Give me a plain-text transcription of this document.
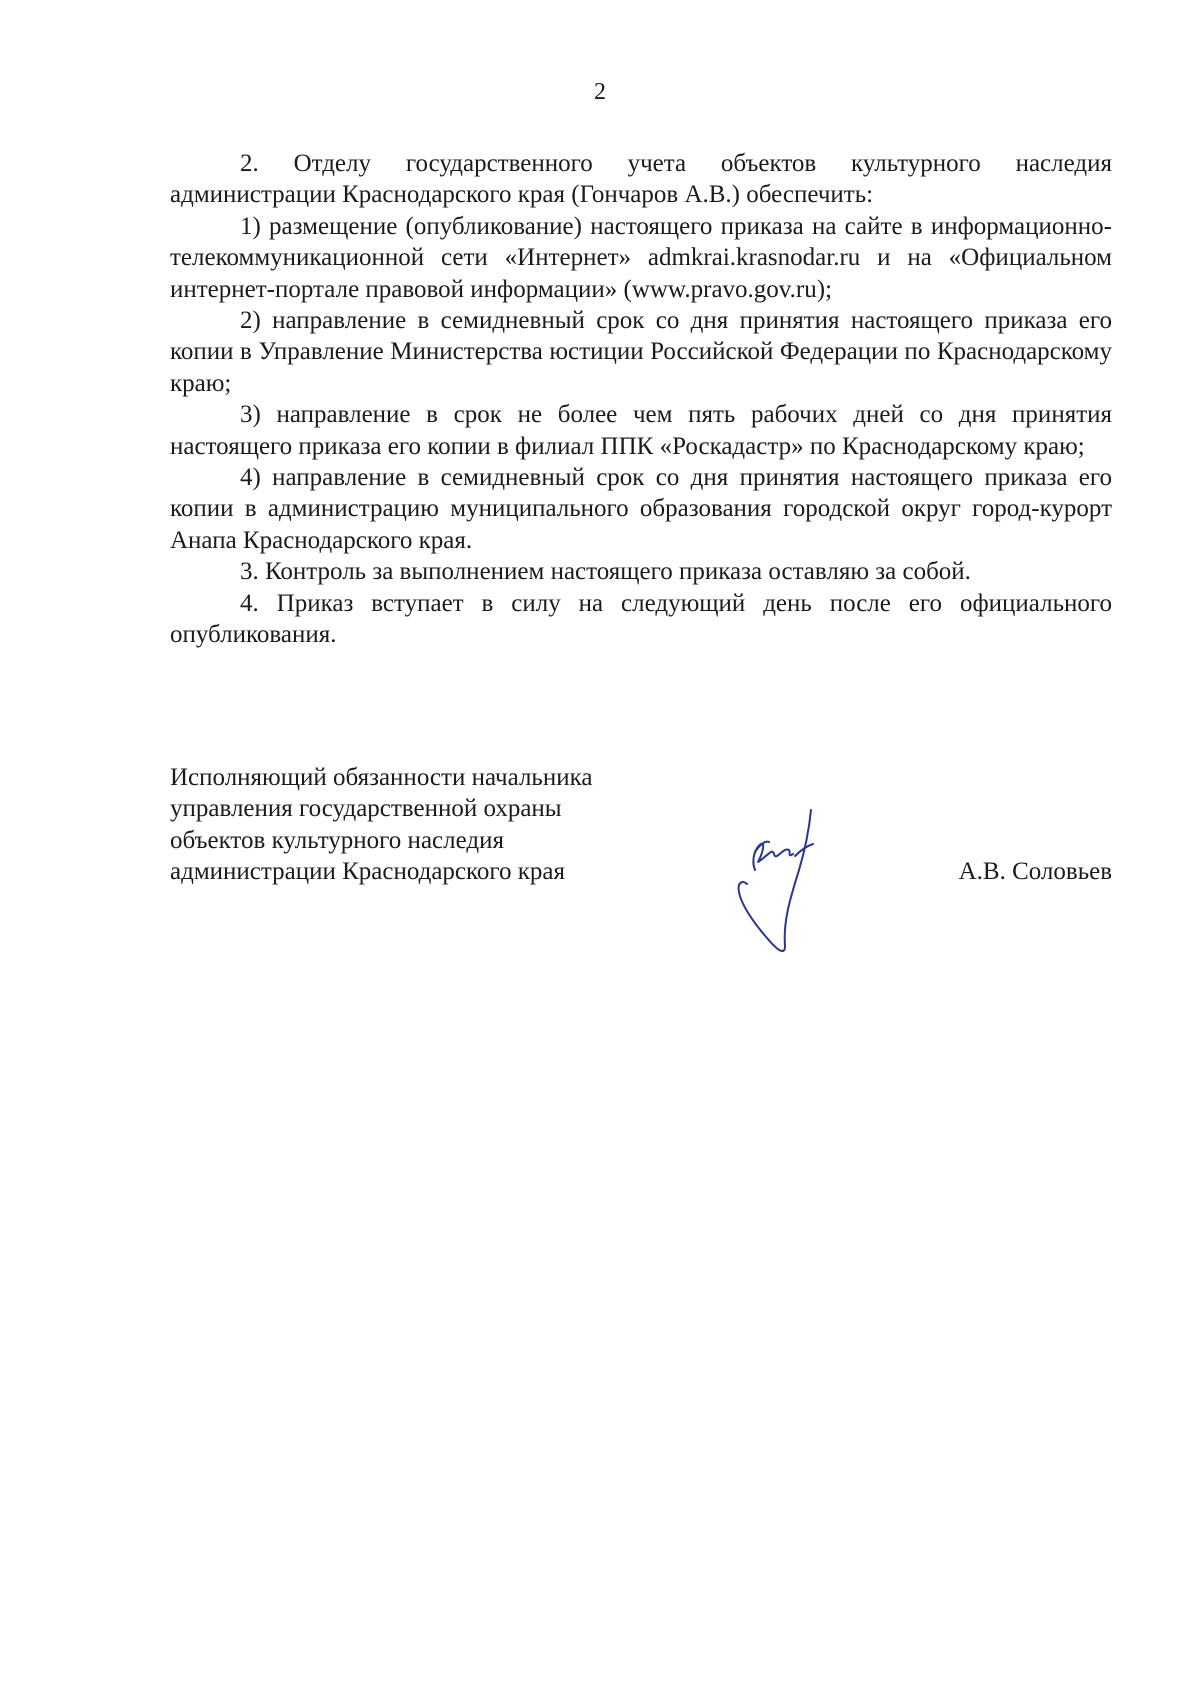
2

2. Отделу государственного учета объектов культурного наследия администрации Краснодарского края (Гончаров А.В.) обеспечить:

1) размещение (опубликование) настоящего приказа на сайте в информационно-телекоммуникационной сети «Интернет» admkrai.krasnodar.ru и на «Официальном интернет-портале правовой информации» (www.pravo.gov.ru);

2) направление в семидневный срок со дня принятия настоящего приказа его копии в Управление Министерства юстиции Российской Федерации по Краснодарскому краю;

3) направление в срок не более чем пять рабочих дней со дня принятия настоящего приказа его копии в филиал ППК «Роскадастр» по Краснодарскому краю;

4) направление в семидневный срок со дня принятия настоящего приказа его копии в администрацию муниципального образования городской округ город-курорт Анапа Краснодарского края.

3. Контроль за выполнением настоящего приказа оставляю за собой.

4. Приказ вступает в силу на следующий день после его официального опубликования.

Исполняющий обязанности начальника
управления государственной охраны
объектов культурного наследия
администрации Краснодарского края	А.В. Соловьев
